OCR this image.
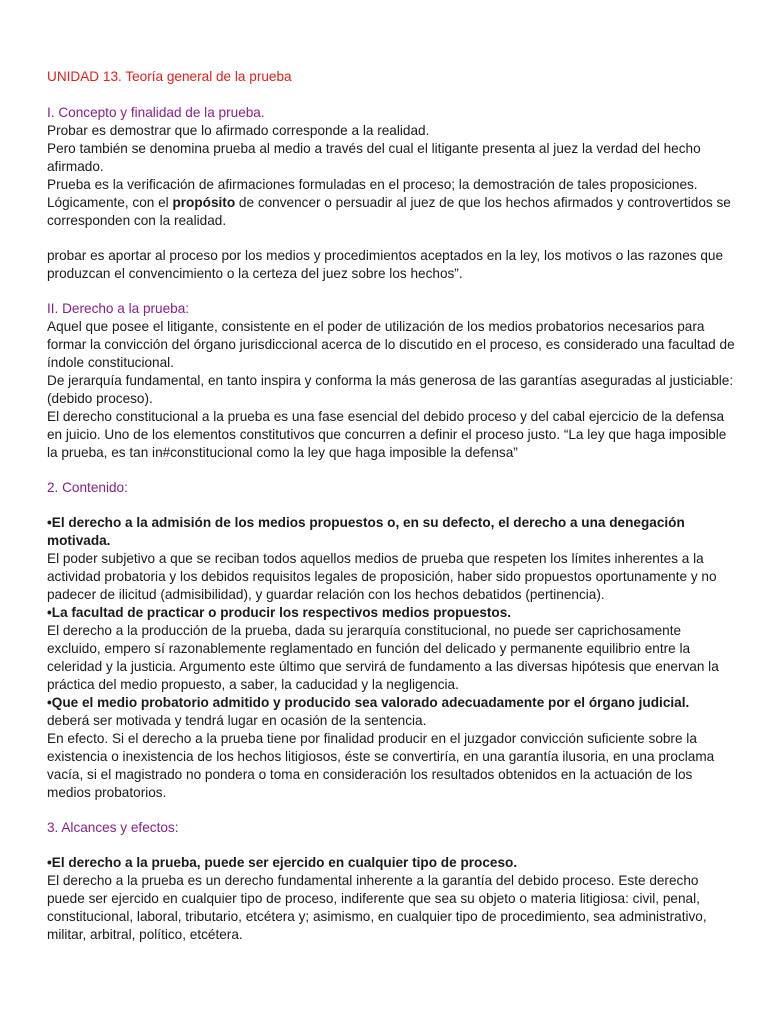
UNIDAD 13. Teoría general de la prueba

I. Concepto y finalidad de la prueba.

Probar es demostrar que lo afirmado corresponde a la realidad.

Pero también se denomina prueba al medio a través del cual el litigante presenta al juez la verdad del hecho afirmado.

Prueba es la verificación de afirmaciones formuladas en el proceso; la demostración de tales proposiciones.

Lógicamente, con el propósito de convencer o persuadir al juez de que los hechos afirmados y controvertidos se corresponden con la realidad.

probar es aportar al proceso por los medios y procedimientos aceptados en la ley, los motivos o las razones que produzcan el convencimiento o la certeza del juez sobre los hechos”.

II. Derecho a la prueba:

Aquel que posee el litigante, consistente en el poder de utilización de los medios probatorios necesarios para formar la convicción del órgano jurisdiccional acerca de lo discutido en el proceso, es considerado una facultad de índole constitucional.

De jerarquía fundamental, en tanto inspira y conforma la más generosa de las garantías aseguradas al justiciable: (debido proceso).

El derecho constitucional a la prueba es una fase esencial del debido proceso y del cabal ejercicio de la defensa en juicio. Uno de los elementos constitutivos que concurren a definir el proceso justo. “La ley que haga imposible la prueba, es tan in#constitucional como la ley que haga imposible la defensa”

2. Contenido:

•El derecho a la admisión de los medios propuestos o, en su defecto, el derecho a una denegación motivada.

El poder subjetivo a que se reciban todos aquellos medios de prueba que respeten los límites inherentes a la actividad probatoria y los debidos requisitos legales de proposición, haber sido propuestos oportunamente y no padecer de ilicitud (admisibilidad), y guardar relación con los hechos debatidos (pertinencia).

•La facultad de practicar o producir los respectivos medios propuestos.

El derecho a la producción de la prueba, dada su jerarquía constitucional, no puede ser caprichosamente excluido, empero sí razonablemente reglamentado en función del delicado y permanente equilibrio entre la celeridad y la justicia. Argumento este último que servirá de fundamento a las diversas hipótesis que enervan la práctica del medio propuesto, a saber, la caducidad y la negligencia.

•Que el medio probatorio admitido y producido sea valorado adecuadamente por el órgano judicial.

deberá ser motivada y tendrá lugar en ocasión de la sentencia.

En efecto. Si el derecho a la prueba tiene por finalidad producir en el juzgador convicción suficiente sobre la existencia o inexistencia de los hechos litigiosos, éste se convertiría, en una garantía ilusoria, en una proclama vacía, si el magistrado no pondera o toma en consideración los resultados obtenidos en la actuación de los medios probatorios.

3. Alcances y efectos:

•El derecho a la prueba, puede ser ejercido en cualquier tipo de proceso.

El derecho a la prueba es un derecho fundamental inherente a la garantía del debido proceso. Este derecho puede ser ejercido en cualquier tipo de proceso, indiferente que sea su objeto o materia litigiosa: civil, penal, constitucional, laboral, tributario, etcétera y; asimismo, en cualquier tipo de procedimiento, sea administrativo, militar, arbitral, político, etcétera.
